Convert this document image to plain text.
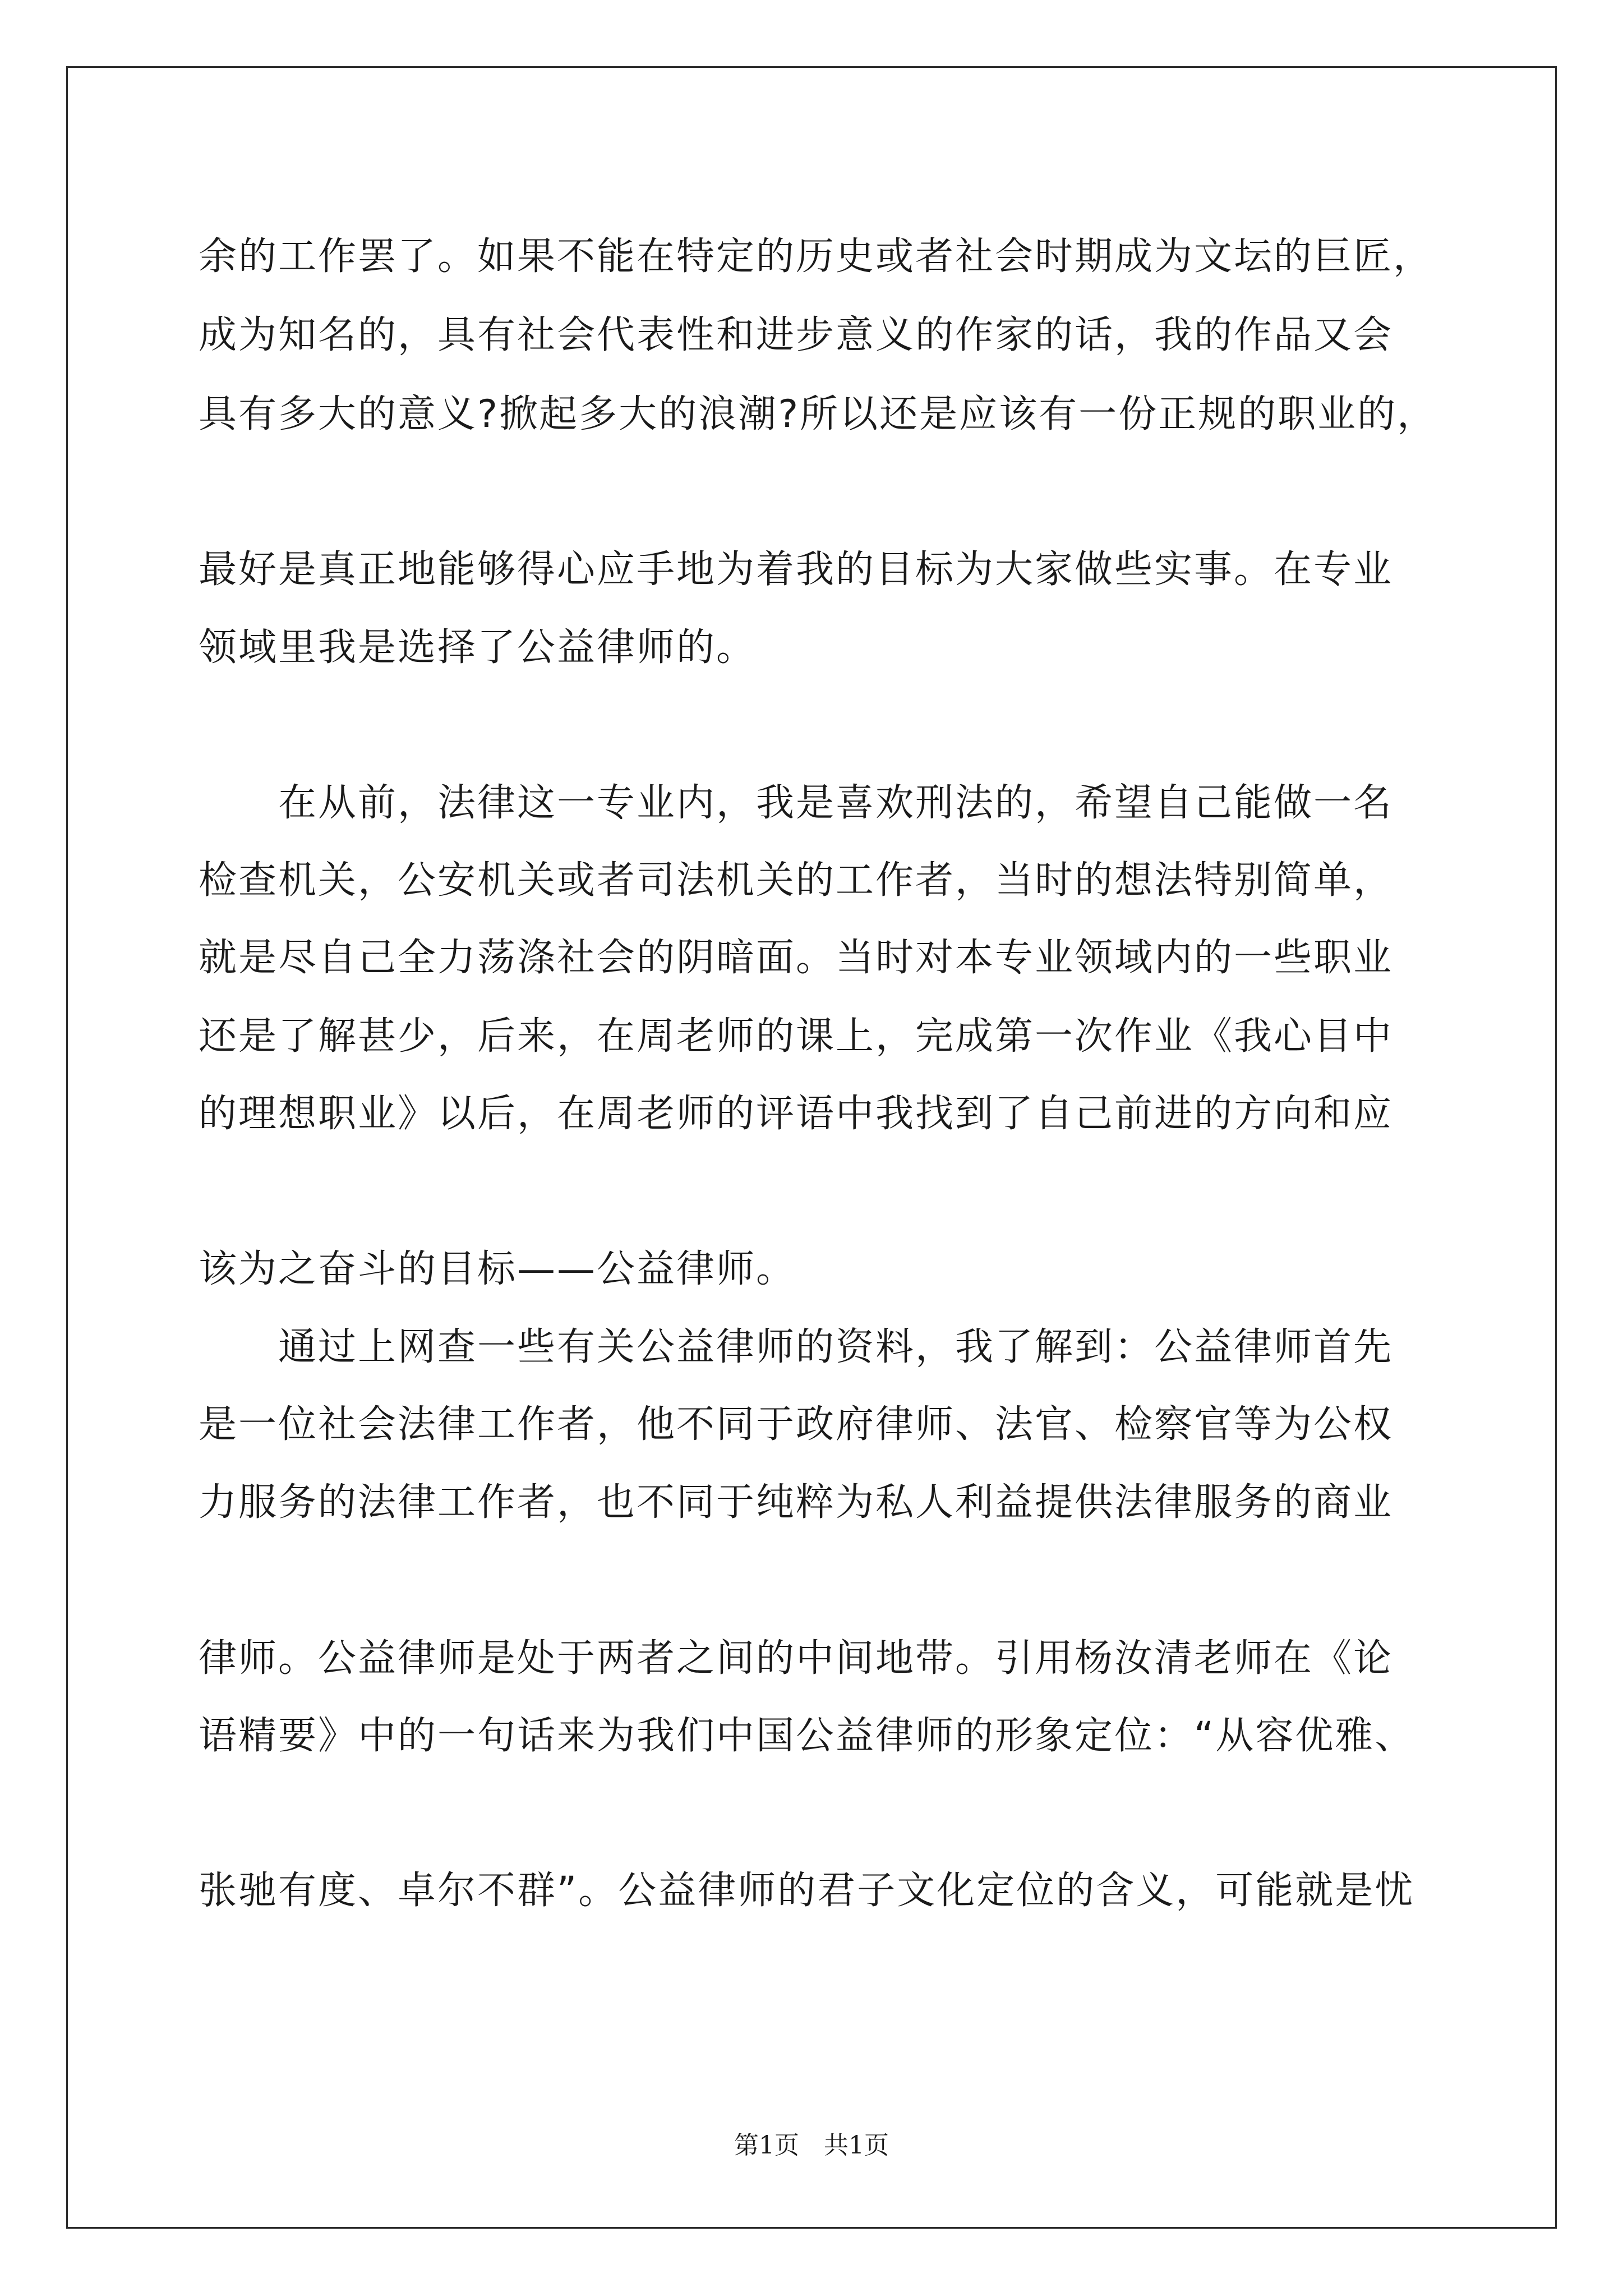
余的工作罢了。如果不能在特定的历史或者社会时期成为文坛的巨匠，
成为知名的，具有社会代表性和进步意义的作家的话，我的作品又会
具有多大的意义?掀起多大的浪潮?所以还是应该有一份正规的职业的，
最好是真正地能够得心应手地为着我的目标为大家做些实事。在专业
领域里我是选择了公益律师的。
　　在从前，法律这一专业内，我是喜欢刑法的，希望自己能做一名
检查机关，公安机关或者司法机关的工作者，当时的想法特别简单，
就是尽自己全力荡涤社会的阴暗面。当时对本专业领域内的一些职业
还是了解甚少，后来，在周老师的课上，完成第一次作业《我心目中
的理想职业》以后，在周老师的评语中我找到了自己前进的方向和应
该为之奋斗的目标——公益律师。
　　通过上网查一些有关公益律师的资料，我了解到：公益律师首先
是一位社会法律工作者，他不同于政府律师、法官、检察官等为公权
力服务的法律工作者，也不同于纯粹为私人利益提供法律服务的商业
律师。公益律师是处于两者之间的中间地带。引用杨汝清老师在《论
语精要》中的一句话来为我们中国公益律师的形象定位：“从容优雅、
张驰有度、卓尔不群”。公益律师的君子文化定位的含义，可能就是忧
第1页　共1页
